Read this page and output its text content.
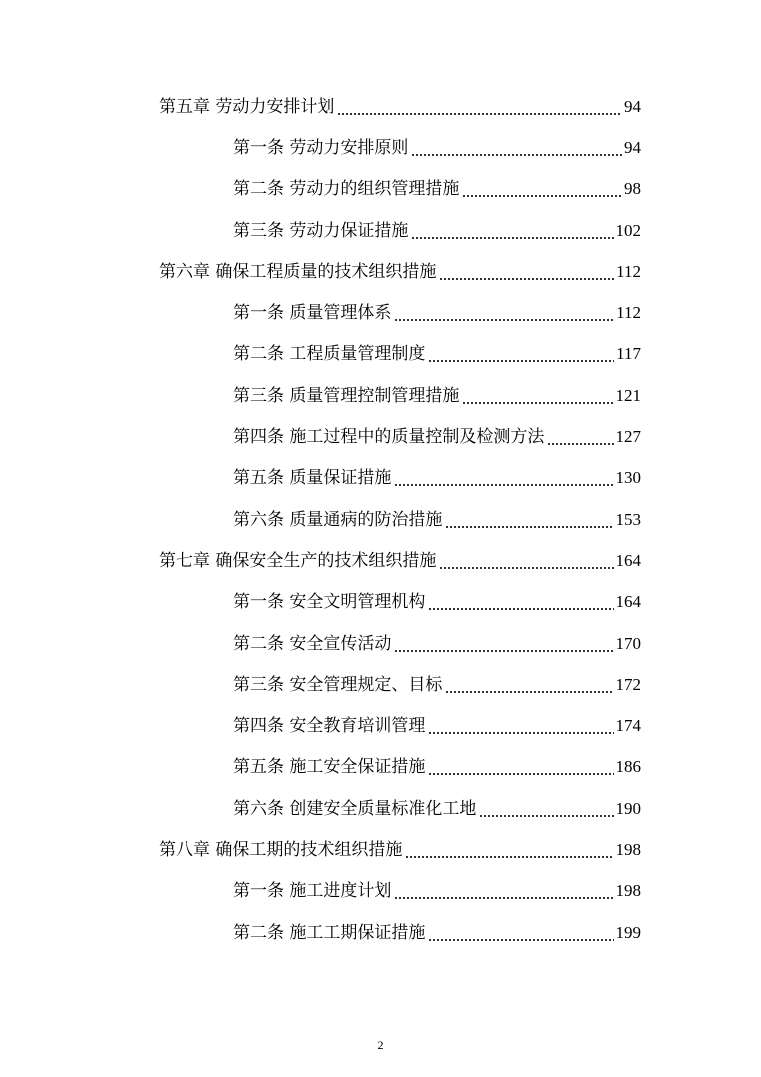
第五章 劳动力安排计划	94
第一条 劳动力安排原则	94
第二条 劳动力的组织管理措施	98
第三条 劳动力保证措施	102
第六章 确保工程质量的技术组织措施	112
第一条 质量管理体系	112
第二条 工程质量管理制度	117
第三条 质量管理控制管理措施	121
第四条 施工过程中的质量控制及检测方法	127
第五条 质量保证措施	130
第六条 质量通病的防治措施	153
第七章 确保安全生产的技术组织措施	164
第一条 安全文明管理机构	164
第二条 安全宣传活动	170
第三条 安全管理规定、目标	172
第四条 安全教育培训管理	174
第五条 施工安全保证措施	186
第六条 创建安全质量标准化工地	190
第八章 确保工期的技术组织措施	198
第一条 施工进度计划	198
第二条 施工工期保证措施	199
2
